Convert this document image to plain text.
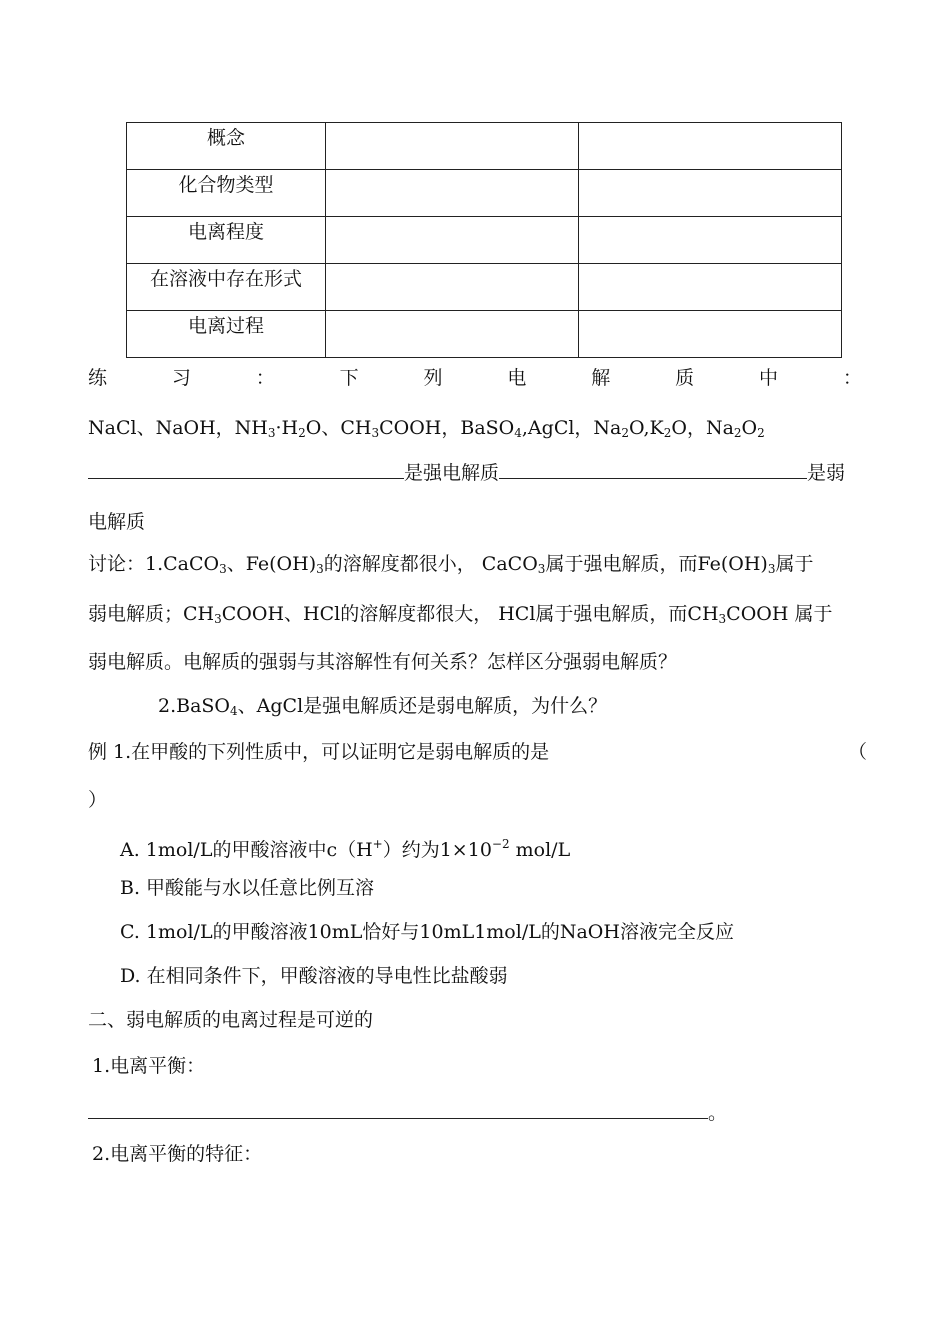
概念		
化合物类型		
电离程度		
在溶液中存在形式		
电离过程		
练	习	：	下	列	电	解	质	中	：
NaCl、NaOH，$NH_3\cdot H_2O$、$CH_3COOH$，BaSO$_4$,AgCl，$Na_2O,K_2O$，$Na_2O_2$
是强电解质	是弱
电解质
讨论：1.CaCO$_3$、$Fe(OH)_3$的溶解度都很小， CaCO$_3$属于强电解质，而$Fe(OH)_3$属于
弱电解质；$CH_3COOH$、HCl的溶解度都很大， HCl属于强电解质，而$CH_3COOH$ 属于
弱电解质。电解质的强弱与其溶解性有何关系？怎样区分强弱电解质？
2.BaSO$_4$、AgCl是强电解质还是弱电解质，为什么？
例 1.在甲酸的下列性质中，可以证明它是弱电解质的是	（
）
A. 1mol/L的甲酸溶液中c（H+）约为$1\times 10^{-2}$ mol/L
B. 甲酸能与水以任意比例互溶
C. 1mol/L的甲酸溶液10mL恰好与10mL1mol/L的NaOH溶液完全反应
D. 在相同条件下，甲酸溶液的导电性比盐酸弱
二、弱电解质的电离过程是可逆的
1.电离平衡：
。
2.电离平衡的特征：
